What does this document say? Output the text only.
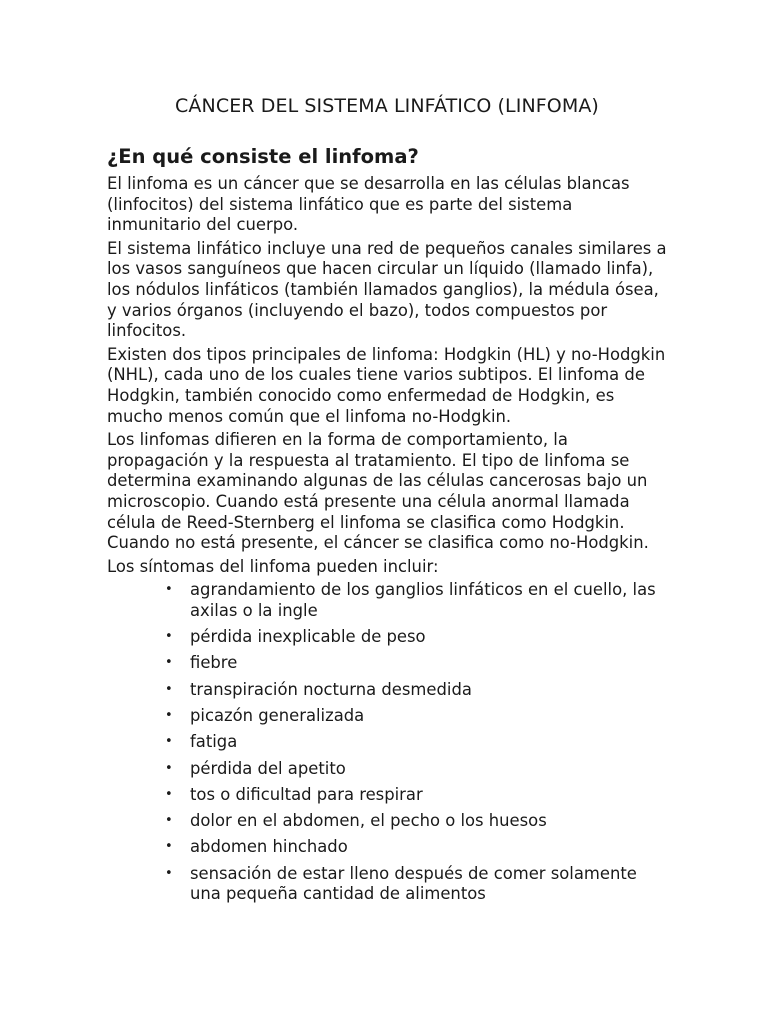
CÁNCER DEL SISTEMA LINFÁTICO (LINFOMA)
¿En qué consiste el linfoma?

El linfoma es un cáncer que se desarrolla en las células blancas (linfocitos) del sistema linfático que es parte del sistema inmunitario del cuerpo.

El sistema linfático incluye una red de pequeños canales similares a los vasos sanguíneos que hacen circular un líquido (llamado linfa), los nódulos linfáticos (también llamados ganglios), la médula ósea, y varios órganos (incluyendo el bazo), todos compuestos por linfocitos.

Existen dos tipos principales de linfoma: Hodgkin (HL) y no-Hodgkin (NHL), cada uno de los cuales tiene varios subtipos. El linfoma de Hodgkin, también conocido como enfermedad de Hodgkin, es mucho menos común que el linfoma no-Hodgkin.

Los linfomas difieren en la forma de comportamiento, la propagación y la respuesta al tratamiento. El tipo de linfoma se determina examinando algunas de las células cancerosas bajo un microscopio. Cuando está presente una célula anormal llamada célula de Reed-Sternberg el linfoma se clasifica como Hodgkin. Cuando no está presente, el cáncer se clasifica como no-Hodgkin.

Los síntomas del linfoma pueden incluir:

• agrandamiento de los ganglios linfáticos en el cuello, las axilas o la ingle
• pérdida inexplicable de peso
• fiebre
• transpiración nocturna desmedida
• picazón generalizada
• fatiga
• pérdida del apetito
• tos o dificultad para respirar
• dolor en el abdomen, el pecho o los huesos
• abdomen hinchado
• sensación de estar lleno después de comer solamente una pequeña cantidad de alimentos
